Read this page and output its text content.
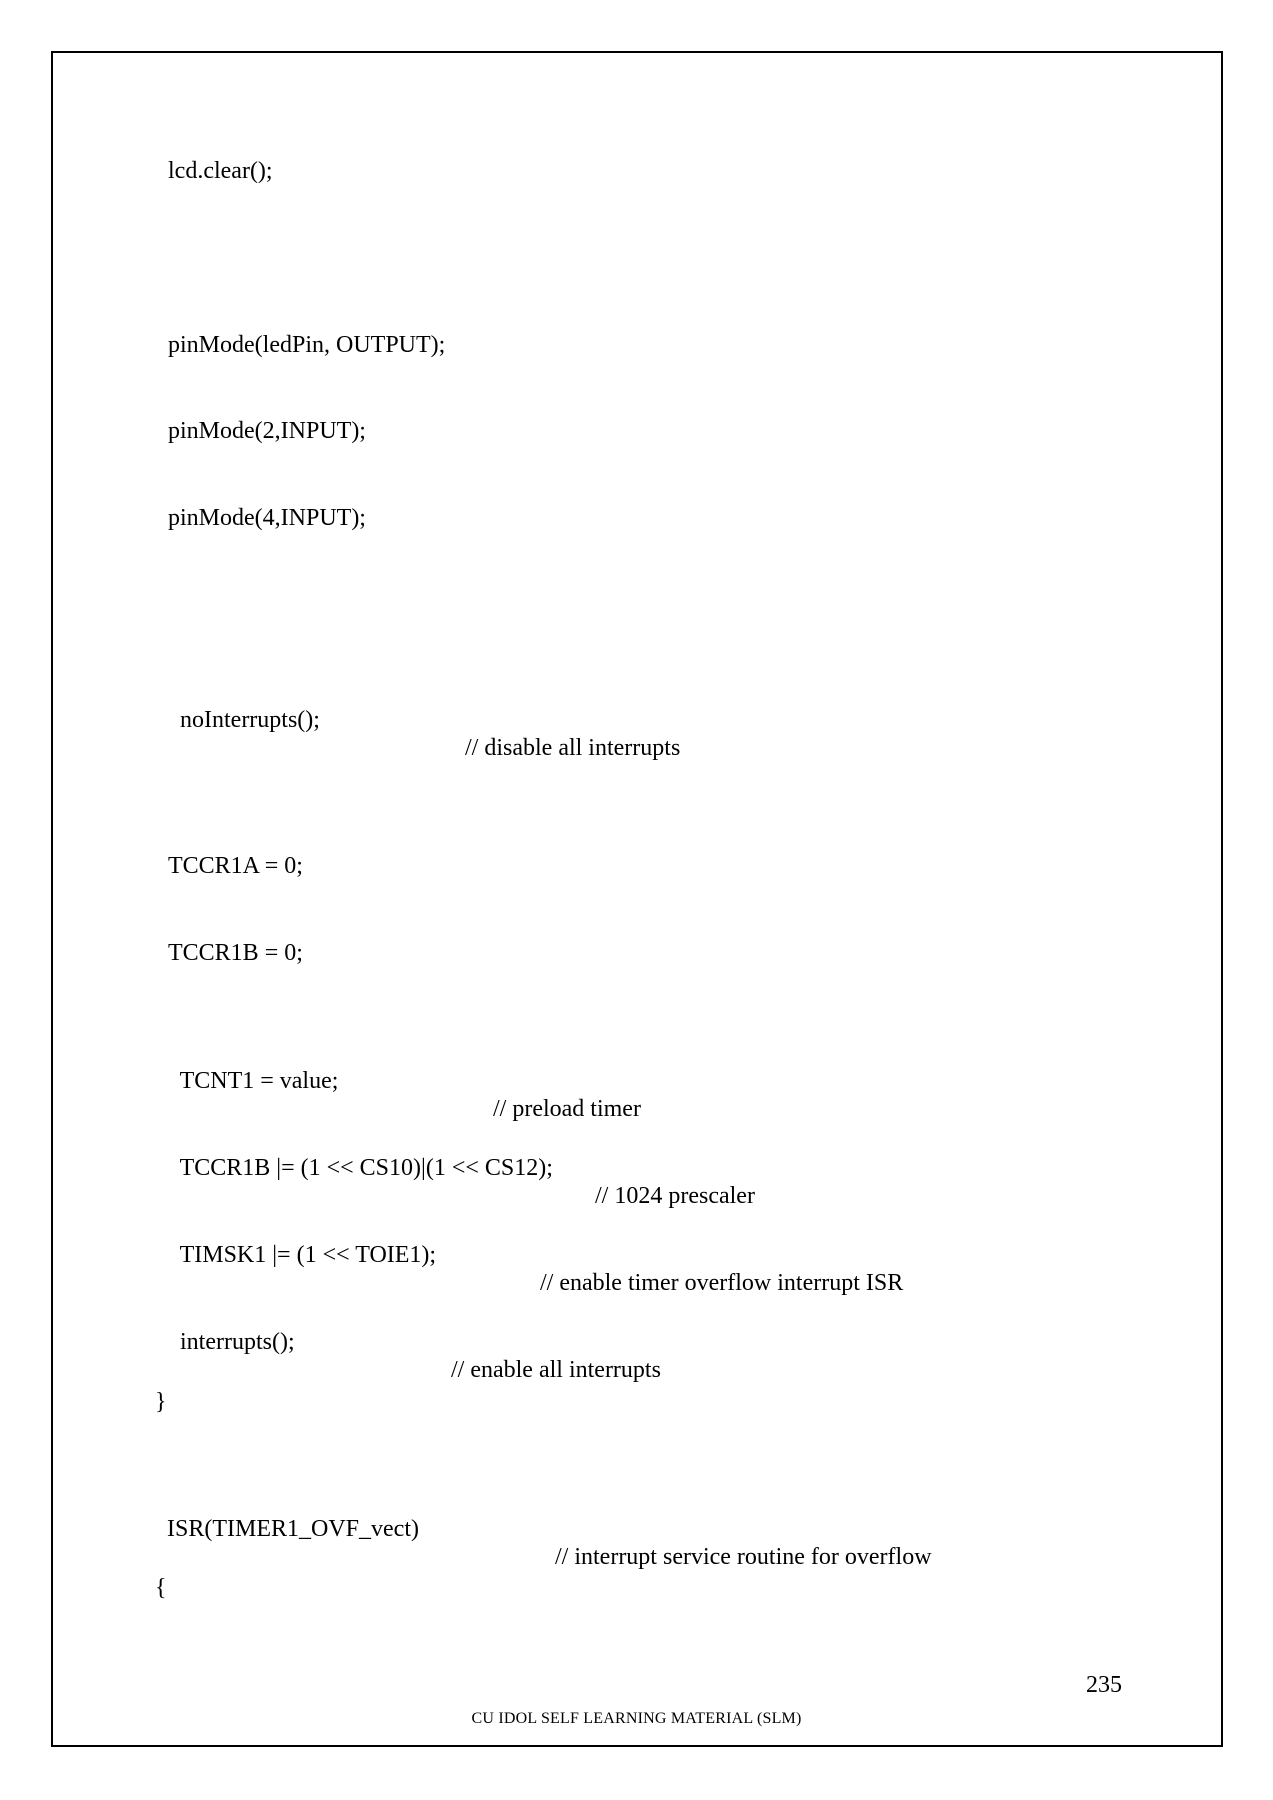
lcd.clear();
pinMode(ledPin, OUTPUT);
pinMode(2,INPUT);
pinMode(4,INPUT);

noInterrupts();

// disable all interrupts

TCCR1A = 0;
TCCR1B = 0;

TCNT1 = value;

// preload timer

TCCR1B |= (1 << CS10)|(1 << CS12);

// 1024 prescaler

TIMSK1 |= (1 << TOIE1);

// enable timer overflow interrupt ISR

interrupts();

// enable all interrupts

}

ISR(TIMER1_OVF_vect)

// interrupt service routine for overflow

{
235
CU IDOL SELF LEARNING MATERIAL (SLM)
